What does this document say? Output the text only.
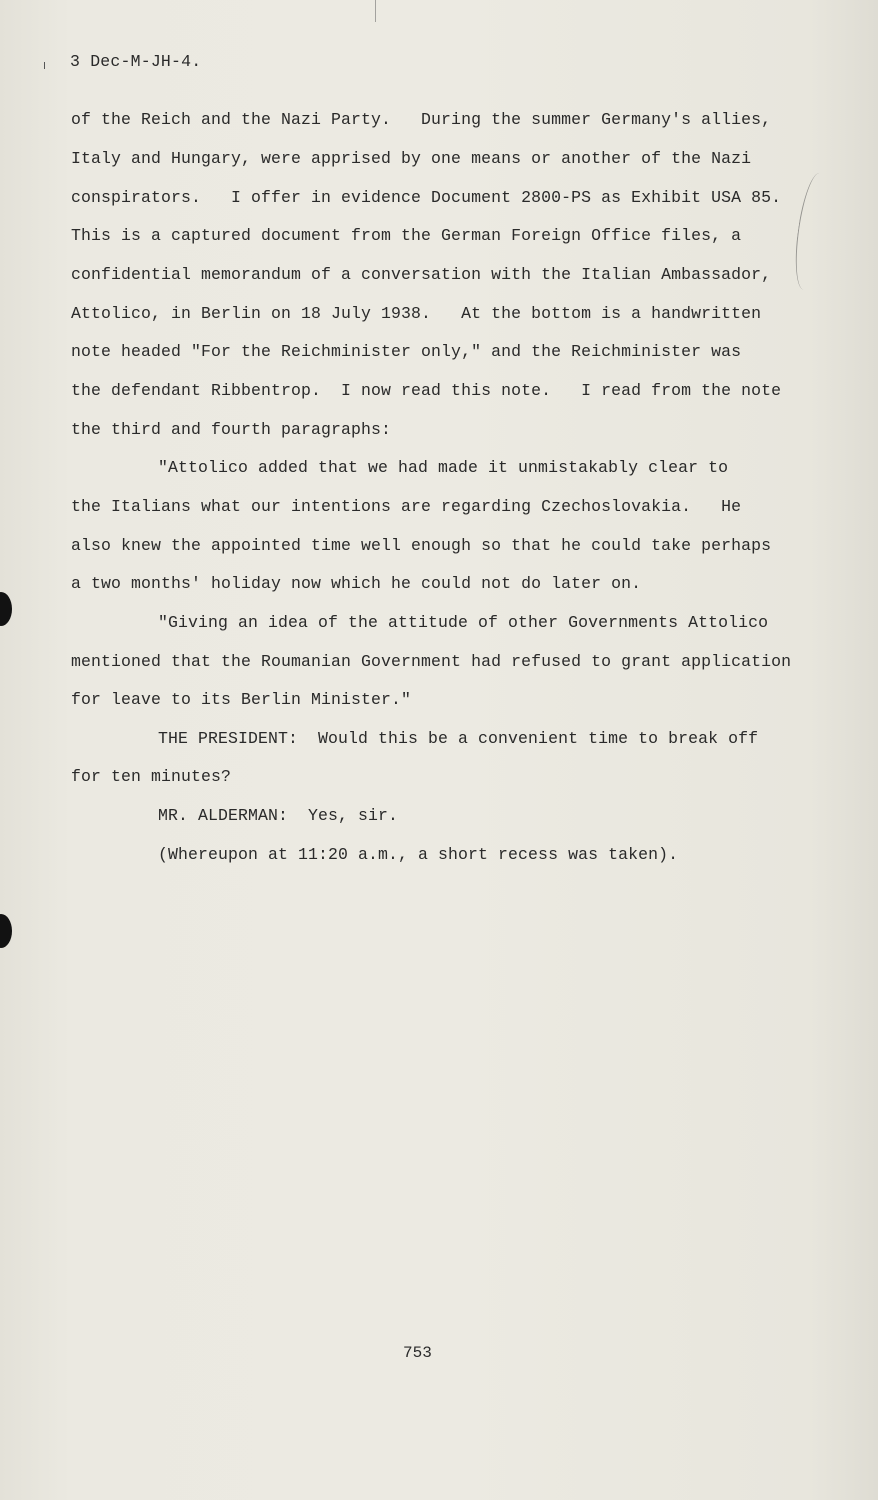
3 Dec-M-JH-4.
of the Reich and the Nazi Party.   During the summer Germany's allies,
Italy and Hungary, were apprised by one means or another of the Nazi
conspirators.   I offer in evidence Document 2800-PS as Exhibit USA 85.
This is a captured document from the German Foreign Office files, a
confidential memorandum of a conversation with the Italian Ambassador,
Attolico, in Berlin on 18 July 1938.   At the bottom is a handwritten
note headed "For the Reichminister only," and the Reichminister was
the defendant Ribbentrop.  I now read this note.   I read from the note
the third and fourth paragraphs:
"Attolico added that we had made it unmistakably clear to
the Italians what our intentions are regarding Czechoslovakia.   He
also knew the appointed time well enough so that he could take perhaps
a two months' holiday now which he could not do later on.
"Giving an idea of the attitude of other Governments Attolico
mentioned that the Roumanian Government had refused to grant application
for leave to its Berlin Minister."
THE PRESIDENT:  Would this be a convenient time to break off
for ten minutes?
MR. ALDERMAN:  Yes, sir.
(Whereupon at 11:20 a.m., a short recess was taken).
753
